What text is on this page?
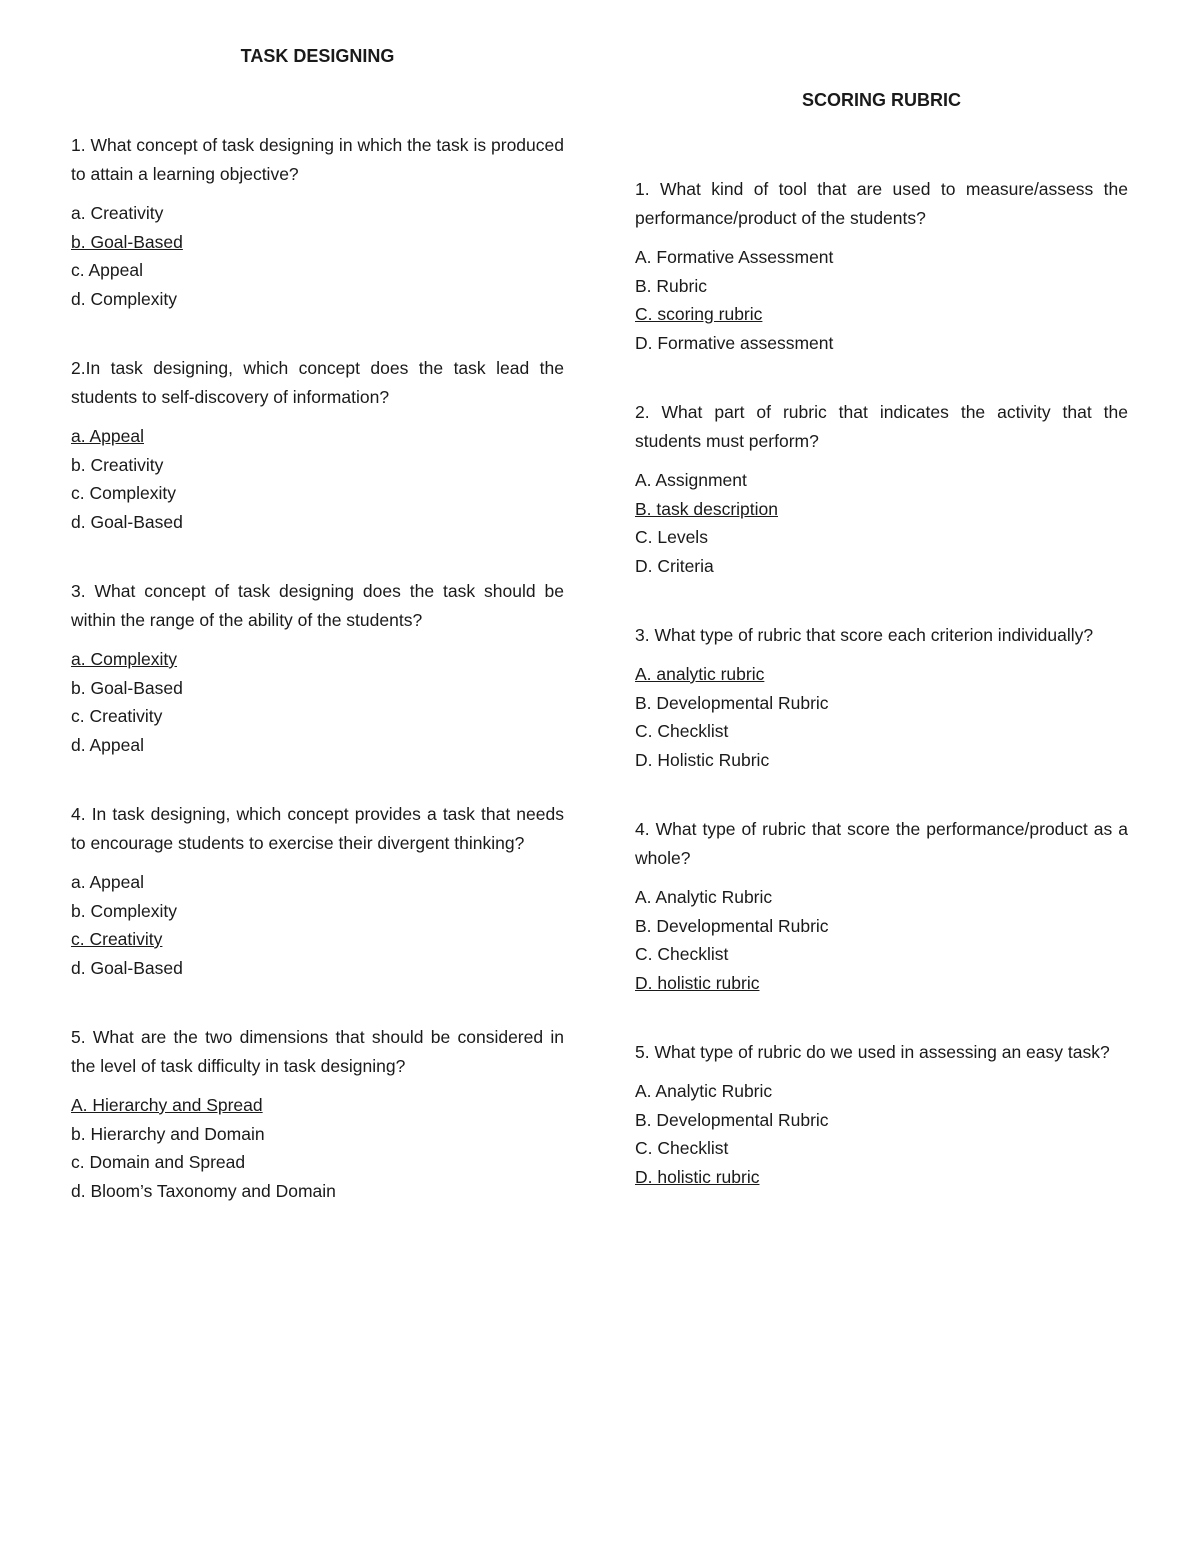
TASK DESIGNING

1. What concept of task designing in which the task is produced to attain a learning objective?

a. Creativity
b. Goal-Based
c. Appeal
d. Complexity

2.In task designing, which concept does the task lead the students to self-discovery of information?

a. Appeal
b. Creativity
c. Complexity
d. Goal-Based

3. What concept of task designing does the task should be within the range of the ability of the students?

a. Complexity
b. Goal-Based
c. Creativity
d. Appeal

4. In task designing, which concept provides a task that needs to encourage students to exercise their divergent thinking?

a. Appeal
b. Complexity
c. Creativity
d. Goal-Based

5. What are the two dimensions that should be considered in the level of task difficulty in task designing?

A. Hierarchy and Spread
b. Hierarchy and Domain
c. Domain and Spread
d. Bloom’s Taxonomy and Domain
SCORING RUBRIC

1. What kind of tool that are used to measure/assess the performance/product of the students?

A. Formative Assessment
B. Rubric
C. scoring rubric
D. Formative assessment

2. What part of rubric that indicates the activity that the students must perform?

A. Assignment
B. task description
C. Levels
D. Criteria

3. What type of rubric that score each criterion individually?

A. analytic rubric
B. Developmental Rubric
C. Checklist
D. Holistic Rubric

4. What type of rubric that score the performance/product as a whole?

A. Analytic Rubric
B. Developmental Rubric
C. Checklist
D. holistic rubric

5. What type of rubric do we used in assessing an easy task?

A. Analytic Rubric
B. Developmental Rubric
C. Checklist
D. holistic rubric
